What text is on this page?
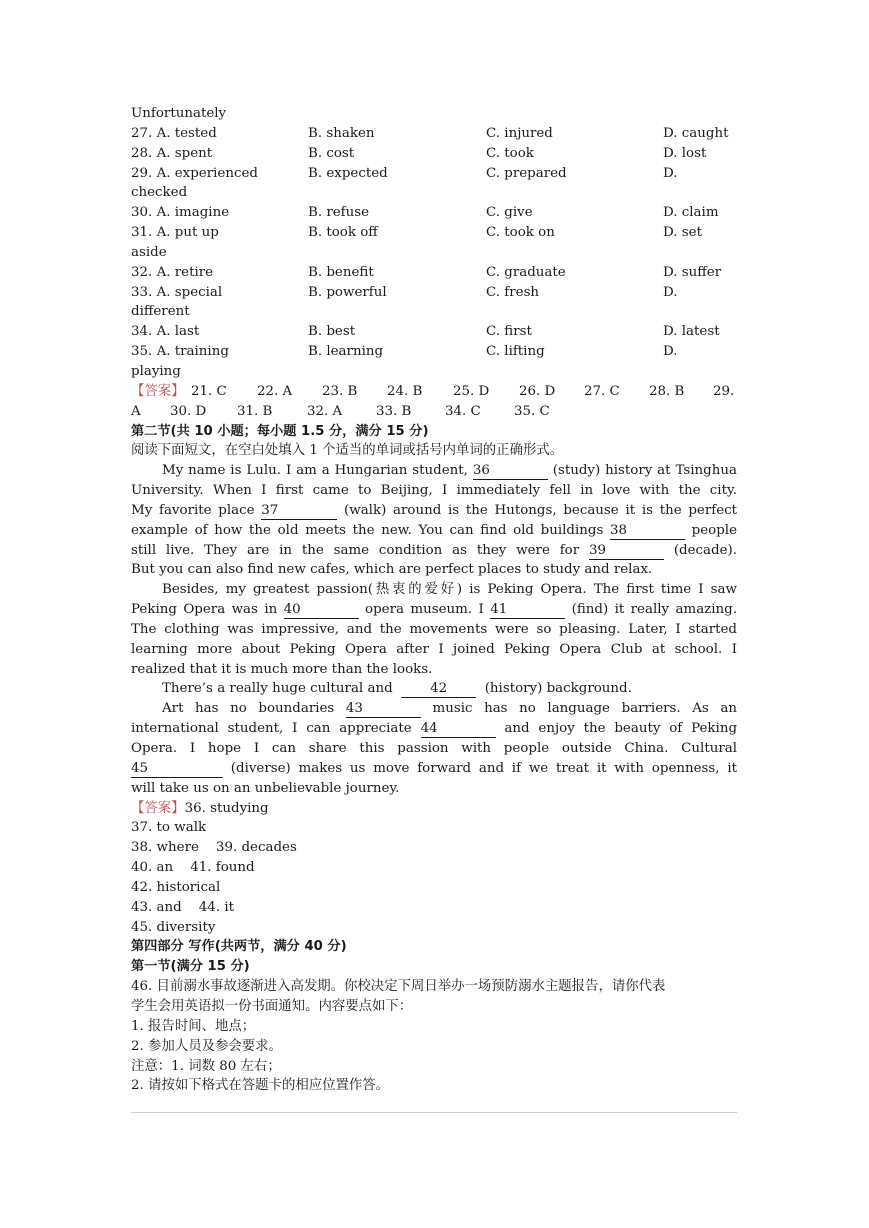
Unfortunately
27. A. tested	B. shaken	C. injured	D. caught
28. A. spent	B. cost	C. took	D. lost
29. A. experienced	B. expected	C. prepared	D.
checked
30. A. imagine	B. refuse	C. give	D. claim
31. A. put up	B. took off	C. took on	D. set
aside
32. A. retire	B. benefit	C. graduate	D. suffer
33. A. special	B. powerful	C. fresh	D.
different
34. A. last	B. best	C. first	D. latest
35. A. training	B. learning	C. lifting	D.
playing
【答案】 21. C 22. A 23. B 24. B 25. D 26. D 27. C 28. B 29.
A 30. D 31. B	32. A	33. B	34. C 35. C
第二节(共 10 小题；每小题 1.5 分，满分 15 分)
阅读下面短文，在空白处填入 1 个适当的单词或括号内单词的正确形式。
My name is Lulu. I am a Hungarian student, 36	(study) history at Tsinghua
University. When I first came to Beijing, I immediately fell in love with the city.
My favorite place 37	(walk) around is the Hutongs, because it is the perfect
example of how the old meets the new. You can find old buildings 38	people
still live. They are in the same condition as they were for 39	(decade).
But you can also find new cafes, which are perfect places to study and relax.
Besides, my greatest passion(热衷的爱好) is Peking Opera. The first time I saw
Peking Opera was in 40	opera museum. I 41	(find) it really amazing.
The clothing was impressive, and the movements were so pleasing. Later, I started
learning more about Peking Opera after I joined Peking Opera Club at school. I
realized that it is much more than the looks.
There’s a really huge cultural and	42	(history) background.
Art has no boundaries 43	music has no language barriers. As an
international student, I can appreciate 44	and enjoy the beauty of Peking
Opera. I hope I can share this passion with people outside China. Cultural
45	(diverse) makes us move forward and if we treat it with openness, it
will take us on an unbelievable journey.
【答案】36. studying
37. to walk
38. where 39. decades
40. an 41. found
42. historical
43. and 44. it
45. diversity
第四部分 写作(共两节，满分 40 分)
第一节(满分 15 分)
46. 目前溺水事故逐渐进入高发期。你校决定下周日举办一场预防溺水主题报告，请你代表
学生会用英语拟一份书面通知。内容要点如下：
1. 报告时间、地点；
2. 参加人员及参会要求。
注意：1. 词数 80 左右；
2. 请按如下格式在答题卡的相应位置作答。
